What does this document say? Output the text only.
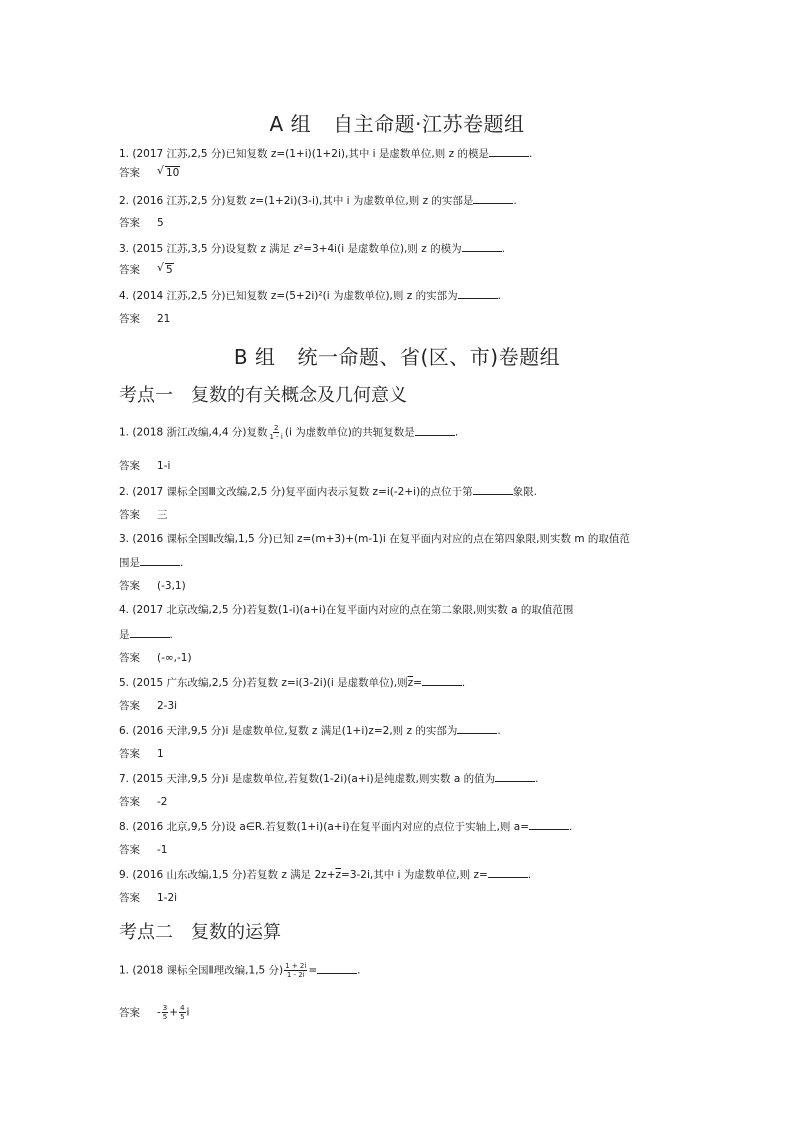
A 组 自主命题·江苏卷题组
1. (2017 江苏,2,5 分)已知复数 z=(1+i)(1+2i),其中 i 是虚数单位,则 z 的模是	.
答案 √ 10
2. (2016 江苏,2,5 分)复数 z=(1+2i)(3-i),其中 i 为虚数单位,则 z 的实部是	.
答案 5
3. (2015 江苏,3,5 分)设复数 z 满足 z²=3+4i(i 是虚数单位),则 z 的模为	.
答案 √ 5
4. (2014 江苏,2,5 分)已知复数 z=(5+2i)²(i 为虚数单位),则 z 的实部为	.
答案 21
B 组 统一命题、省(区、市)卷题组
考点一 复数的有关概念及几何意义
1. (2018 浙江改编,4,4 分)复数 $\frac{2}{1 - i} (i$ 为虚数单位)的共轭复数是	.
答案 1-i
2. (2017 课标全国Ⅲ文改编,2,5 分)复平面内表示复数 z=i(-2+i)的点位于第	象限.
答案 三
3. (2016 课标全国Ⅱ改编,1,5 分)已知 z=(m+3)+(m-1)i 在复平面内对应的点在第四象限,则实数 m 的取值范
围是	.
答案 (-3,1)
4. (2017 北京改编,2,5 分)若复数(1-i)(a+i)在复平面内对应的点在第二象限,则实数 a 的取值范围
是	.
答案 (-∞,-1)
5. (2015 广东改编,2,5 分)若复数 z=i(3-2i)(i 是虚数单位),则$\overline{z}=$	.
答案 2-3i
6. (2016 天津,9,5 分)i 是虚数单位,复数 z 满足(1+i)z=2,则 z 的实部为	.
答案 1
7. (2015 天津,9,5 分)i 是虚数单位,若复数(1-2i)(a+i)是纯虚数,则实数 a 的值为	.
答案 -2
8. (2016 北京,9,5 分)设 a∈R.若复数(1+i)(a+i)在复平面内对应的点位于实轴上,则 a=	.
答案 -1
9. (2016 山东改编,1,5 分)若复数 z 满足 $2z+\overline{z}=3-2i$,其中 i 为虚数单位,则 z=	.
答案 1-2i
考点二 复数的运算
1. (2018 课标全国Ⅱ理改编,1,5 分) $\frac{1 + 2i}{1 - 2i}$ =	.
答案 - $\frac{3}{5} + \frac{4}{5}$ i
